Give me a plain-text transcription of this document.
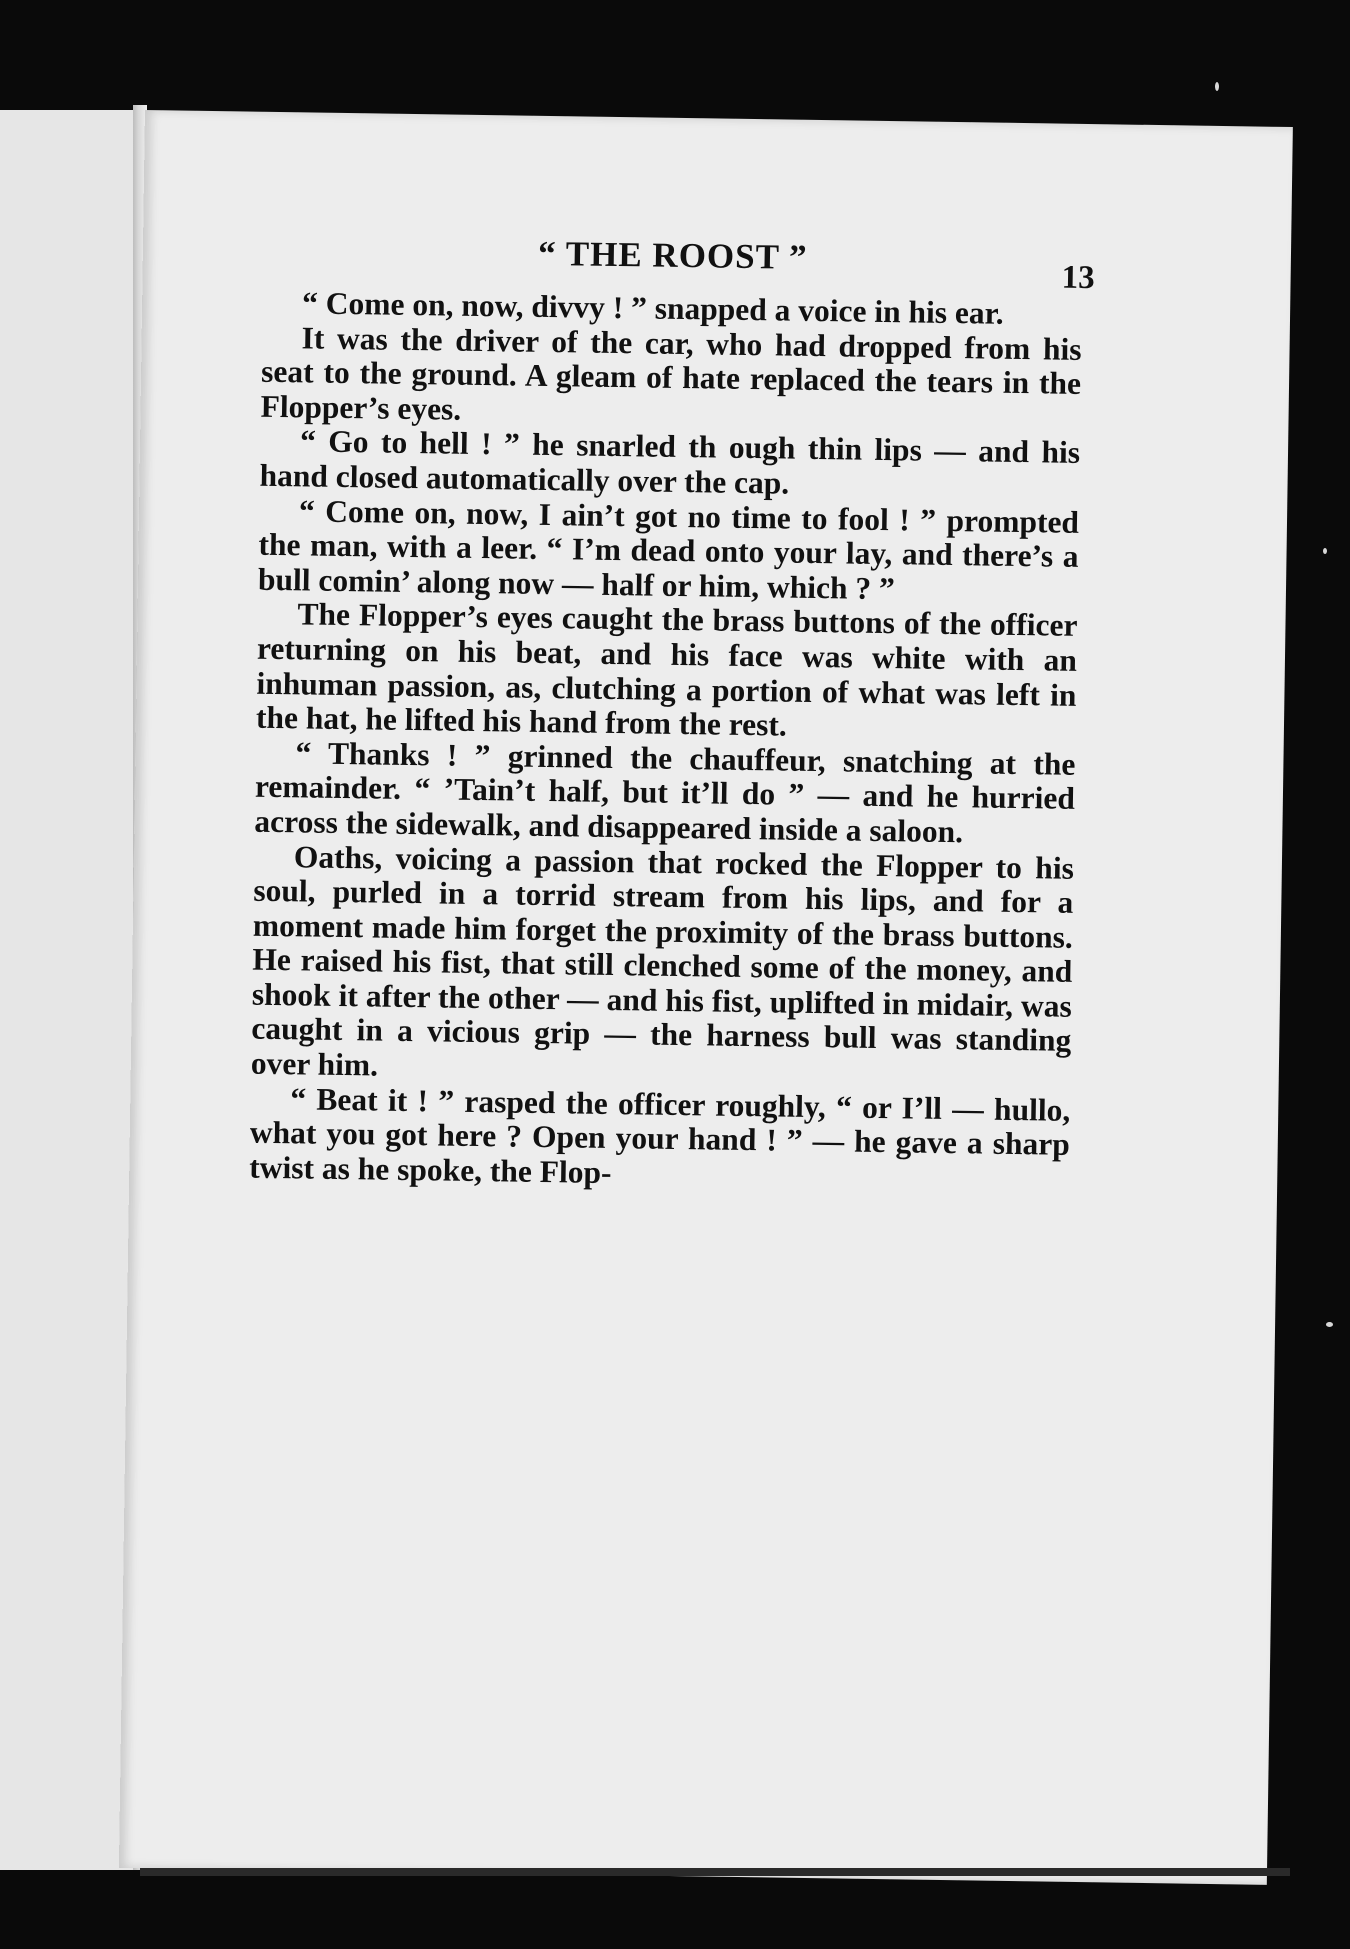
“ THE ROOST ”
13

“ Come on, now, divvy ! ” snapped a voice in his ear.

It was the driver of the car, who had dropped from his seat to the ground. A gleam of hate replaced the tears in the Flopper’s eyes.

“ Go to hell ! ” he snarled th ough thin lips — and his hand closed automatically over the cap.

“ Come on, now, I ain’t got no time to fool ! ” prompted the man, with a leer. “ I’m dead onto your lay, and there’s a bull comin’ along now — half or him, which ? ”

The Flopper’s eyes caught the brass buttons of the officer returning on his beat, and his face was white with an inhuman passion, as, clutching a portion of what was left in the hat, he lifted his hand from the rest.

“ Thanks ! ” grinned the chauffeur, snatching at the remainder. “ ’Tain’t half, but it’ll do ” — and he hurried across the sidewalk, and disappeared inside a saloon.

Oaths, voicing a passion that rocked the Flopper to his soul, purled in a torrid stream from his lips, and for a moment made him forget the proximity of the brass buttons. He raised his fist, that still clenched some of the money, and shook it after the other — and his fist, uplifted in midair, was caught in a vicious grip — the harness bull was standing over him.

“ Beat it ! ” rasped the officer roughly, “ or I’ll — hullo, what you got here ? Open your hand ! ” — he gave a sharp twist as he spoke, the Flop-
